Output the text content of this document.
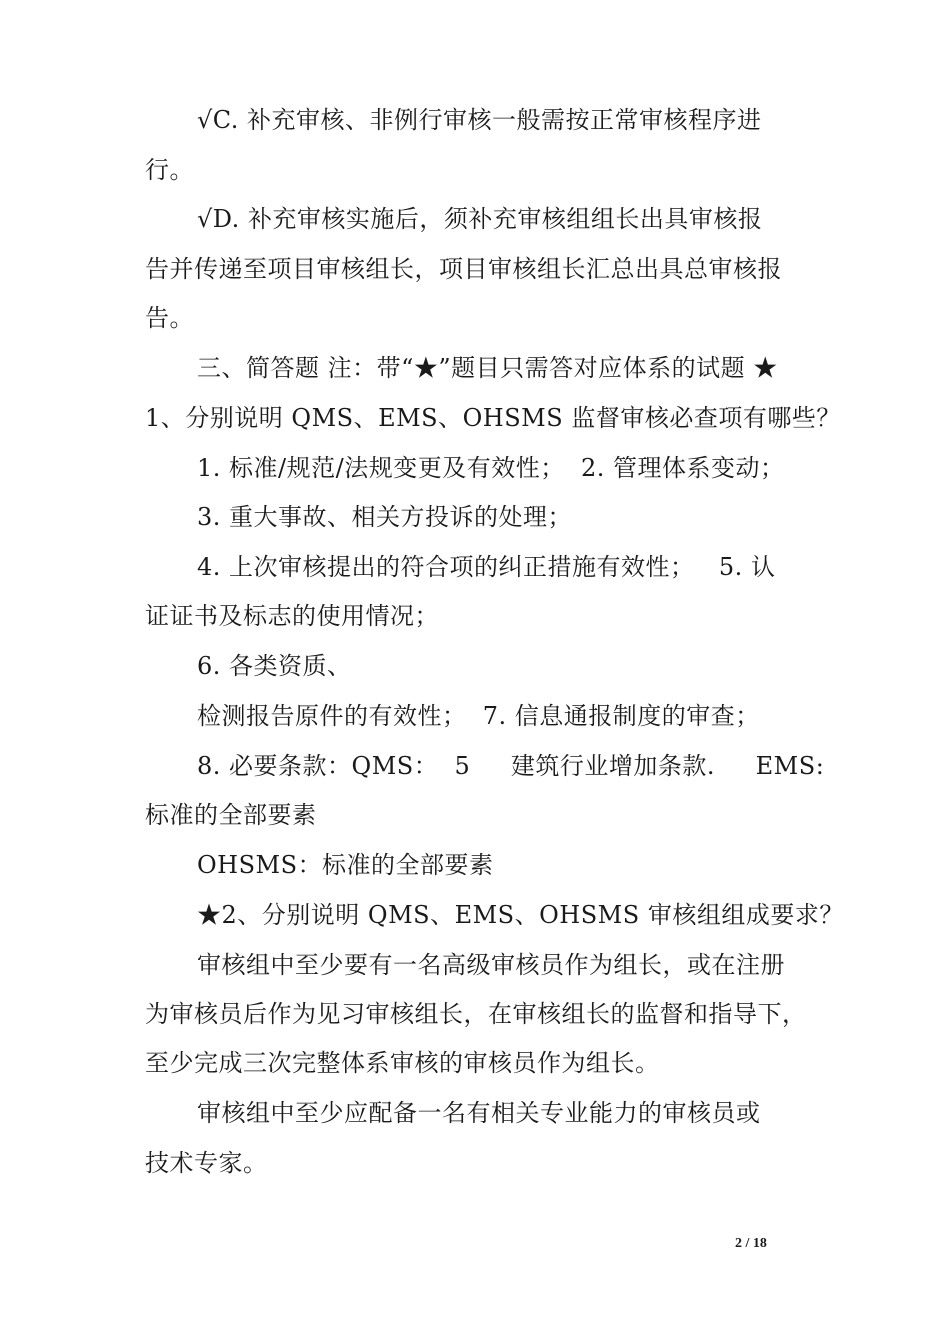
√C. 补充审核、非例行审核一般需按正常审核程序进
行。
√D. 补充审核实施后，须补充审核组组长出具审核报
告并传递至项目审核组长，项目审核组长汇总出具总审核报
告。
三、简答题 注：带“★”题目只需答对应体系的试题 ★
1、分别说明 QMS、EMS、OHSMS 监督审核必查项有哪些？
1. 标准/规范/法规变更及有效性；  2. 管理体系变动；
3. 重大事故、相关方投诉的处理；
4. 上次审核提出的符合项的纠正措施有效性；   5. 认
证证书及标志的使用情况；
6. 各类资质、
检测报告原件的有效性；  7. 信息通报制度的审查；
8. 必要条款：QMS：  5     建筑行业增加条款.     EMS:
标准的全部要素
OHSMS：标准的全部要素
★2、分别说明 QMS、EMS、OHSMS 审核组组成要求？
审核组中至少要有一名高级审核员作为组长，或在注册
为审核员后作为见习审核组长，在审核组长的监督和指导下，
至少完成三次完整体系审核的审核员作为组长。
审核组中至少应配备一名有相关专业能力的审核员或
技术专家。
2 / 18
